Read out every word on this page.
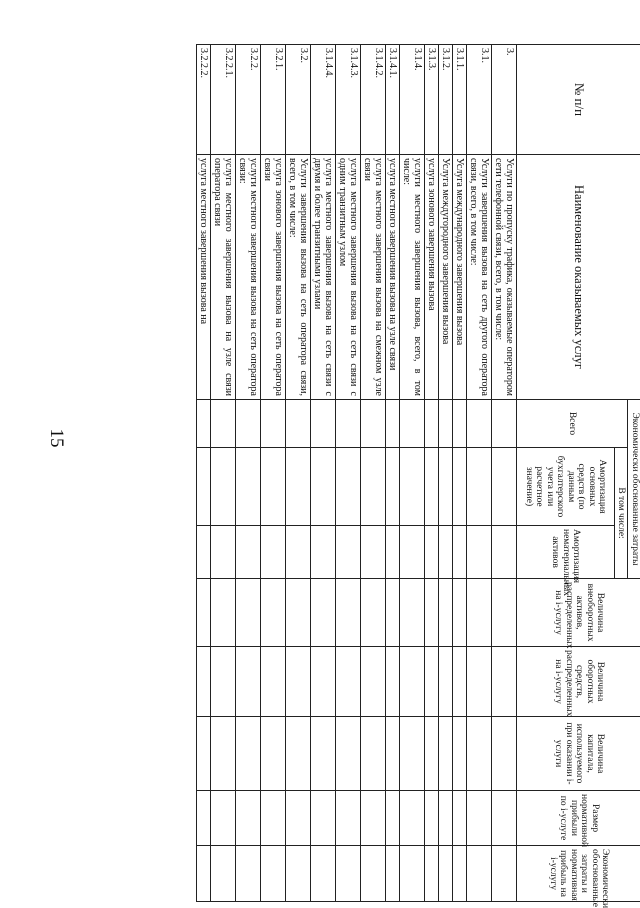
15
№ п/п	Наименование оказываемых услуг	Экономически обоснованные затраты			Величина внеоборотных активов, распределенных на i-услугу	Величина оборотных средств, распределенных на i-услугу	Величина капитала, используемого при оказании i-услуги	Размер нормативной прибыли по i-услуге	Экономически обоснованные затраты и нормативная прибыль на i-услугу
		Всего	В том числе:						
			Амортизация основных средств (по данным бухгалтерского учета или расчетное значение)	Амортизация нематериальных активов					
3.	Услуги по пропуску трафика, оказываемые оператором сети телефонной связи, всего, в том числе:								
3.1.	Услуги завершения вызова на сеть другого оператора связи, всего, в том числе:								
3.1.1.	Услуга международного завершения вызова								
3.1.2.	Услуга междугородного завершения вызова								
3.1.3.	услуга зонового завершения вызова								
3.1.4.	услуги местного завершения вызова, всего, в том числе:								
3.1.4.1.	услуга местного завершения вызова на узле связи								
3.1.4.2.	услуга местного завершения вызова на смежном узле связи								
3.1.4.3.	услуга местного завершения вызова на сеть связи с одним транзитным узлом								
3.1.4.4.	услуга местного завершения вызова на сеть связи с двумя и более транзитными узлами								
3.2.	Услуги завершения вызова на сеть оператора связи, всего, в том числе:								
3.2.1.	услуга зонового завершения вызова на сеть оператора связи								
3.2.2.	услуги местного завершения вызова на сеть оператора связи:								
3.2.2.1.	услуга местного завершения вызова на узле связи оператора связи								
3.2.2.2.	услуга местного завершения вызова на								
